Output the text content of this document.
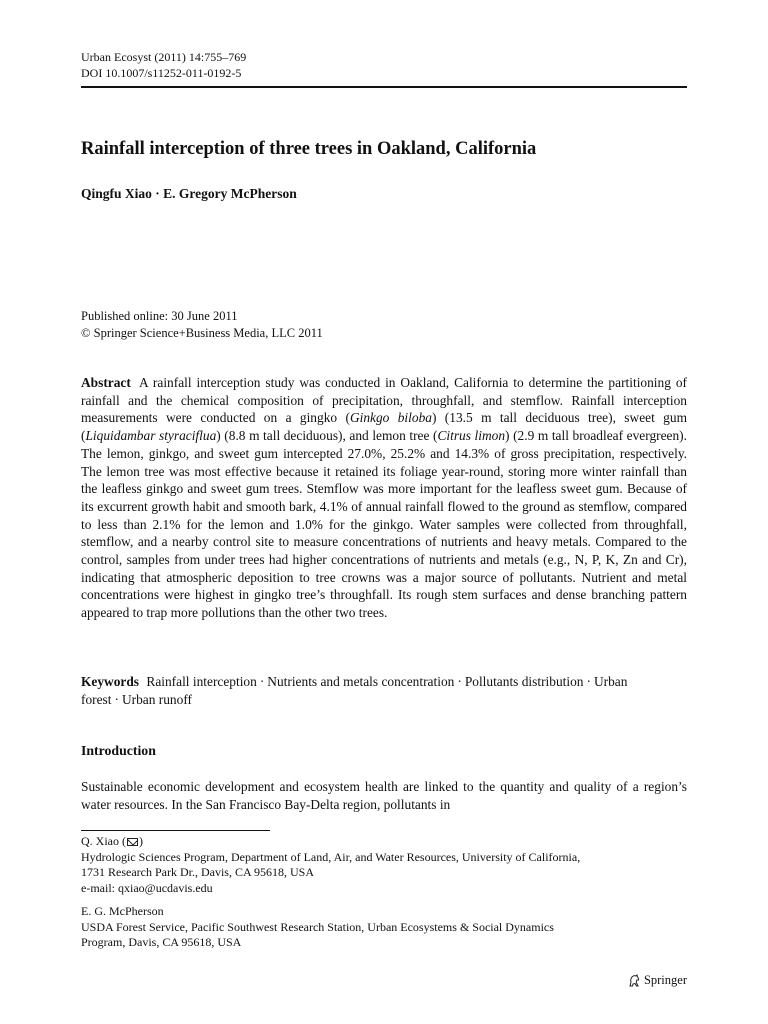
Urban Ecosyst (2011) 14:755–769
DOI 10.1007/s11252-011-0192-5
Rainfall interception of three trees in Oakland, California
Qingfu Xiao · E. Gregory McPherson
Published online: 30 June 2011
© Springer Science+Business Media, LLC 2011

Abstract A rainfall interception study was conducted in Oakland, California to determine the partitioning of rainfall and the chemical composition of precipitation, throughfall, and stemflow. Rainfall interception measurements were conducted on a gingko (Ginkgo biloba) (13.5 m tall deciduous tree), sweet gum (Liquidambar styraciflua) (8.8 m tall deciduous), and lemon tree (Citrus limon) (2.9 m tall broadleaf evergreen). The lemon, ginkgo, and sweet gum intercepted 27.0%, 25.2% and 14.3% of gross precipitation, respectively. The lemon tree was most effective because it retained its foliage year-round, storing more winter rainfall than the leafless ginkgo and sweet gum trees. Stemflow was more important for the leafless sweet gum. Because of its excurrent growth habit and smooth bark, 4.1% of annual rainfall flowed to the ground as stemflow, compared to less than 2.1% for the lemon and 1.0% for the ginkgo. Water samples were collected from throughfall, stemflow, and a nearby control site to measure concentrations of nutrients and heavy metals. Compared to the control, samples from under trees had higher concentrations of nutrients and metals (e.g., N, P, K, Zn and Cr), indicating that atmospheric deposition to tree crowns was a major source of pollutants. Nutrient and metal concentrations were highest in gingko tree’s throughfall. Its rough stem surfaces and dense branching pattern appeared to trap more pollutions than the other two trees.

Keywords Rainfall interception · Nutrients and metals concentration · Pollutants distribution · Urban forest · Urban runoff

Introduction

Sustainable economic development and ecosystem health are linked to the quantity and quality of a region’s water resources. In the San Francisco Bay-Delta region, pollutants in

Q. Xiao ( )
Hydrologic Sciences Program, Department of Land, Air, and Water Resources, University of California,
1731 Research Park Dr., Davis, CA 95618, USA
e-mail: qxiao@ucdavis.edu
E. G. McPherson
USDA Forest Service, Pacific Southwest Research Station, Urban Ecosystems & Social Dynamics
Program, Davis, CA 95618, USA
Springer
